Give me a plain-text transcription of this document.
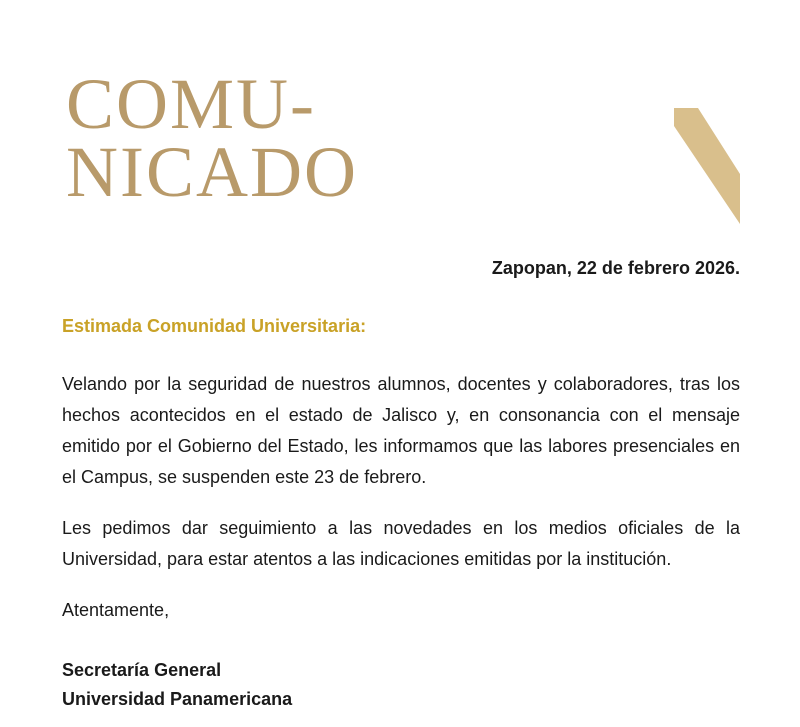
COMU-
NICADO

Zapopan, 22 de febrero 2026.

Estimada Comunidad Universitaria:

Velando por la seguridad de nuestros alumnos, docentes y colaboradores, tras los hechos acontecidos en el estado de Jalisco y, en consonancia con el mensaje emitido por el Gobierno del Estado, les informamos que las labores presenciales en el Campus, se suspenden este 23 de febrero.

Les pedimos dar seguimiento a las novedades en los medios oficiales de la Universidad, para estar atentos a las indicaciones emitidas por la institución.

Atentamente,

Secretaría General
Universidad Panamericana
